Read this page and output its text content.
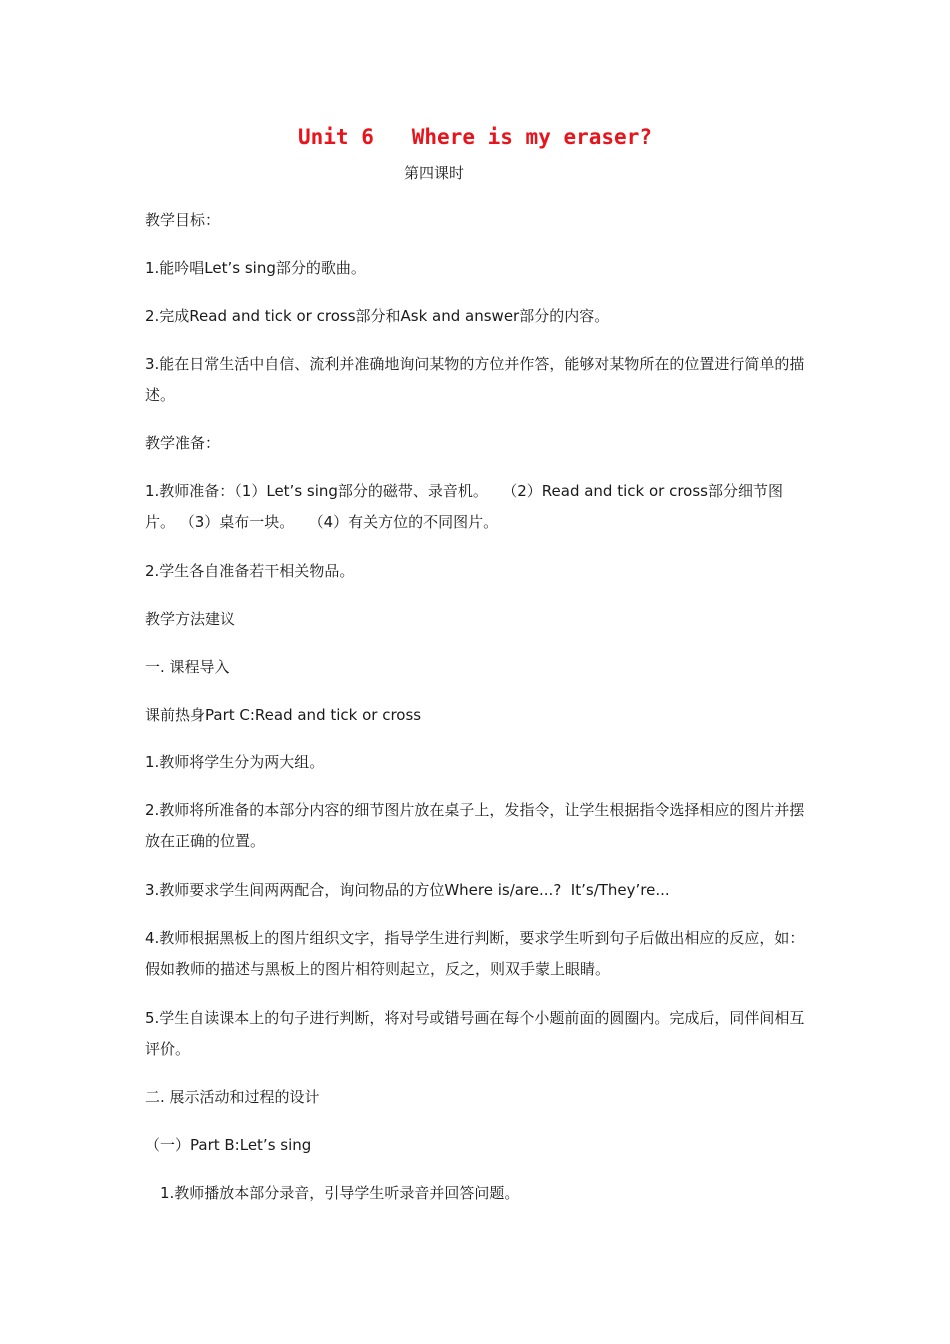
Unit 6   Where is my eraser?
第四课时
教学目标：
1.能吟唱Let’s sing部分的歌曲。
2.完成Read and tick or cross部分和Ask and answer部分的内容。
3.能在日常生活中自信、流利并准确地询问某物的方位并作答，能够对某物所在的位置进行简单的描述。
教学准备：
1.教师准备：（1）Let’s sing部分的磁带、录音机。   （2）Read and tick or cross部分细节图片。 （3）桌布一块。   （4）有关方位的不同图片。
2.学生各自准备若干相关物品。
教学方法建议
一. 课程导入
课前热身Part C:Read and tick or cross
1.教师将学生分为两大组。
2.教师将所准备的本部分内容的细节图片放在桌子上，发指令，让学生根据指令选择相应的图片并摆放在正确的位置。
3.教师要求学生间两两配合，询问物品的方位Where is/are...?  It’s/They’re...
4.教师根据黑板上的图片组织文字，指导学生进行判断，要求学生听到句子后做出相应的反应，如：假如教师的描述与黑板上的图片相符则起立，反之，则双手蒙上眼睛。
5.学生自读课本上的句子进行判断，将对号或错号画在每个小题前面的圆圈内。完成后，同伴间相互评价。
二. 展示活动和过程的设计
（一）Part B:Let’s sing
1.教师播放本部分录音，引导学生听录音并回答问题。
